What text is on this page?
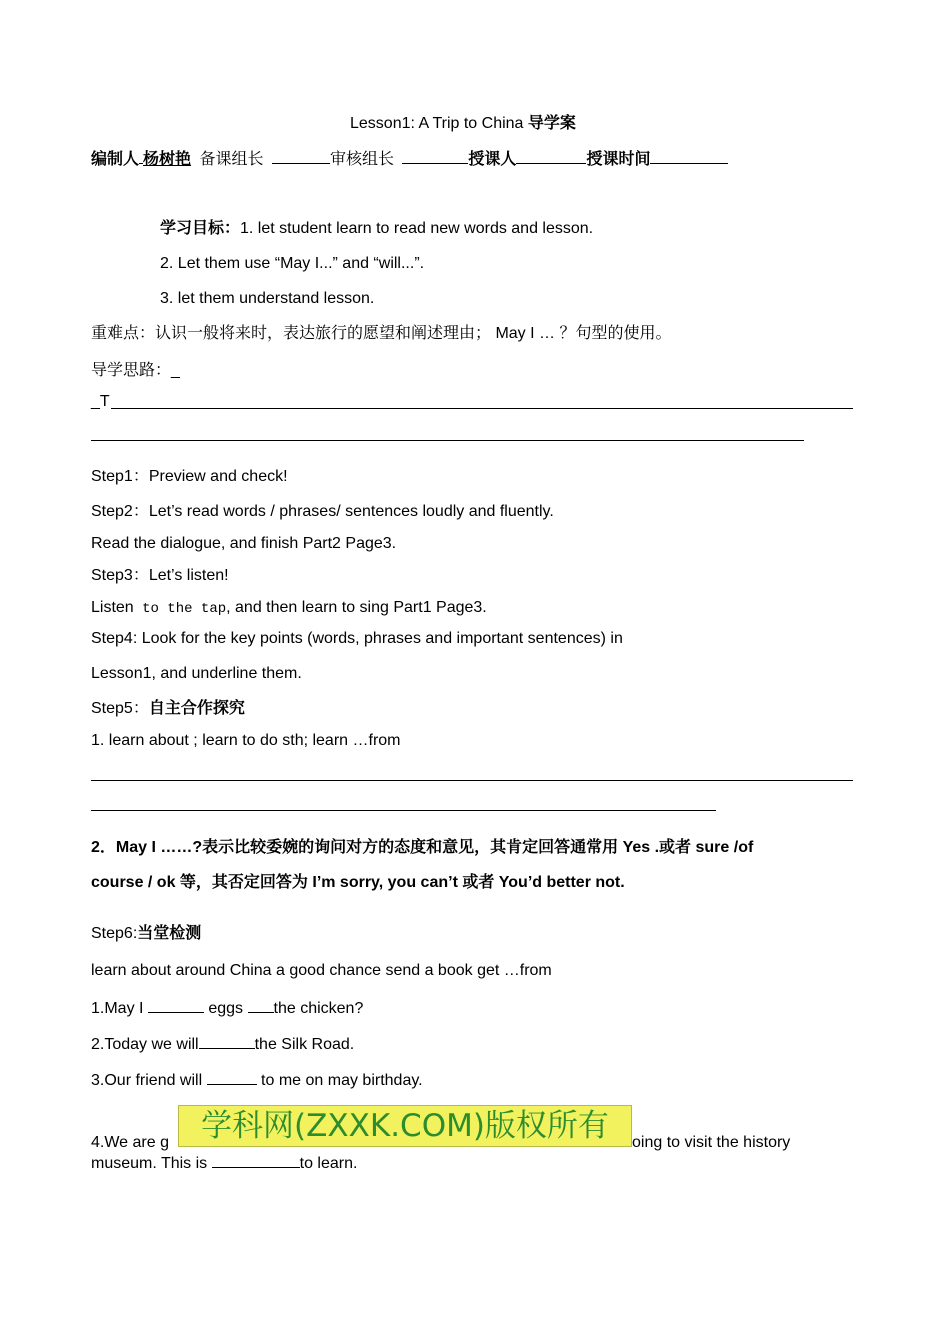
Lesson1: A Trip to China 导学案
编制人 杨树艳 备课组长	审核组长	授课人	授课时间
学习目标：1. let student learn to read new words and lesson.
2. Let them use “May I...” and “will...”.
3. let them understand lesson.
重难点：认识一般将来时，表达旅行的愿望和阐述理由； May I … ？句型的使用。
导学思路：_
_T
Step1：Preview and check!
Step2：Let’s read words / phrases/ sentences loudly and fluently.
Read the dialogue, and finish Part2 Page3.
Step3：Let’s listen!
Listen to the tap, and then learn to sing Part1 Page3.
Step4: Look for the key points (words, phrases and important sentences) in
Lesson1, and underline them.
Step5：自主合作探究
1. learn about ; learn to do sth; learn …from
2．May I ……?表示比较委婉的询问对方的态度和意见，其肯定回答通常用 Yes .或者 sure /of
course / ok 等，其否定回答为 I’m sorry, you can’t 或者 You’d better not.
Step6:当堂检测
learn about around China a good chance send a book get …from
1.May I	eggs the chicken?
2.Today we will	the Silk Road.
3.Our friend will	to me on may birthday.
4.We are g	oing to visit the history
museum. This is	to learn.
学科网(ZXXK.COM)版权所有
